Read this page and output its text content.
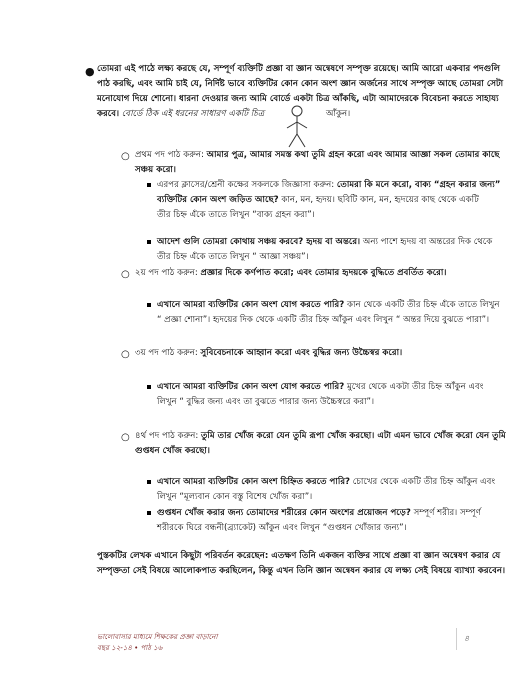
● তোমরা এই পাঠে লক্ষ্য করছে যে, সম্পূর্ণ ব্যক্তিটি প্রজ্ঞা বা জ্ঞান অন্বেষণে সম্পৃক্ত রয়েছে। আমি আরো একবার পদগুলি
পাঠ করছি, এবং আমি চাই যে, নির্দিষ্ট ভাবে ব্যক্তিটির কোন কোন অংশ জ্ঞান অর্জনের সাথে সম্পৃক্ত আছে তোমরা সেটা
মনোযোগ দিয়ে শোনো। ধারনা দেওয়ার জন্য আমি বোর্ডে একটা চিত্র আঁকছি, এটা আমাদেরকে বিবেচনা করতে সাহায্য
করবে। বোর্ডে ঠিক এই ধরনের সাধারণ একটি চিত্র	আঁকুন।
○ প্রথম পদ পাঠ করুন: আমার পুত্র, আমার সমস্ত কথা তুমি গ্রহন করো এবং আমার আজ্ঞা সকল তোমার কাছে
সঞ্চয় করো।
এরপর ক্লাসের/শ্রেনী কক্ষের সকলকে জিজ্ঞাসা করুন: তোমরা কি মনে করো, বাক্য “গ্রহন করার জন্য”
ব্যক্তিটির কোন অংশ জড়িত আছে? কান, মন, হৃদয়। ছবিটি কান, মন, হৃদয়ের কাছ থেকে একটি
তীর চিহ্ন এঁকে তাতে লিখুন “বাক্য গ্রহন করা”।
আদেশ গুলি তোমরা কোথায় সঞ্চয় করবে? হৃদয় বা অন্তরে। অন্য পাশে হৃদয় বা অন্তরের দিক থেকে
তীর চিহ্ন এঁকে তাতে লিখুন “ আজ্ঞা সঞ্চয়”।
○ ২য় পদ পাঠ করুন: প্রজ্ঞার দিকে কর্ণপাত করো; এবং তোমার হৃদয়কে বুদ্ধিতে প্রবর্তিত করো।
এখানে আমরা ব্যক্তিটির কোন অংশ যোগ করতে পারি? কান থেকে একটি তীর চিহ্ন এঁকে তাতে লিখুন
“ প্রজ্ঞা শোনা”। হৃদয়ের দিক থেকে একটি তীর চিহ্ন আঁকুন এবং লিখুন “ অন্তর দিয়ে বুঝতে পারা”।
○ ৩য় পদ পাঠ করুন: সুবিবেচনাকে আহ্বান করো এবং বুদ্ধির জন্য উচ্চৈস্বর করো।
এখানে আমরা ব্যক্তিটির কোন অংশ যোগ করতে পারি? মুখের থেকে একটা তীর চিহ্ন আঁকুন এবং
লিখুন “ বুদ্ধির জন্য এবং তা বুঝতে পারার জন্য উচ্চৈস্বরে করা”।
○ ৪র্থ পদ পাঠ করুন: তুমি তার খোঁজ করো যেন তুমি রূপা খোঁজ করছো। এটা এমন ভাবে খোঁজ করো যেন তুমি
গুপ্তধন খোঁজ করছো।
এখানে আমরা ব্যক্তিটির কোন অংশ চিহ্নিত করতে পারি? চোখের থেকে একটি তীর চিহ্ন আঁকুন এবং
লিখুন “মূল্যবান কোন বস্তু বিশেষ খোঁজ করা”।
গুপ্তধন খোঁজ করার জন্য তোমাদের শরীরের কোন অংশের প্রয়োজন পড়ে? সম্পূর্ণ শরীর। সম্পূর্ণ
শরীরকে ঘিরে বন্ধনী(ব্র্যাকেট) আঁকুন এবং লিখুন “গুপ্তধন খোঁজার জন্য”।
পুস্তকটির লেখক এখানে কিছুটা পরিবর্তন করেছেন: এতক্ষণ তিনি একজন ব্যক্তির সাথে প্রজ্ঞা বা জ্ঞান অন্বেষণ করার যে
সম্পৃক্ততা সেই বিষয়ে আলোকপাত করছিলেন, কিন্তু এখন তিনি জ্ঞান অন্বেষন করার যে লক্ষ্য সেই বিষয়ে ব্যাখ্যা করবেন।
ভালোবাসার মাধ্যমে শিক্ষকের প্রজ্ঞা বাড়ানো
বছর ১২-১৪ • পাঠ ১৬
৪
